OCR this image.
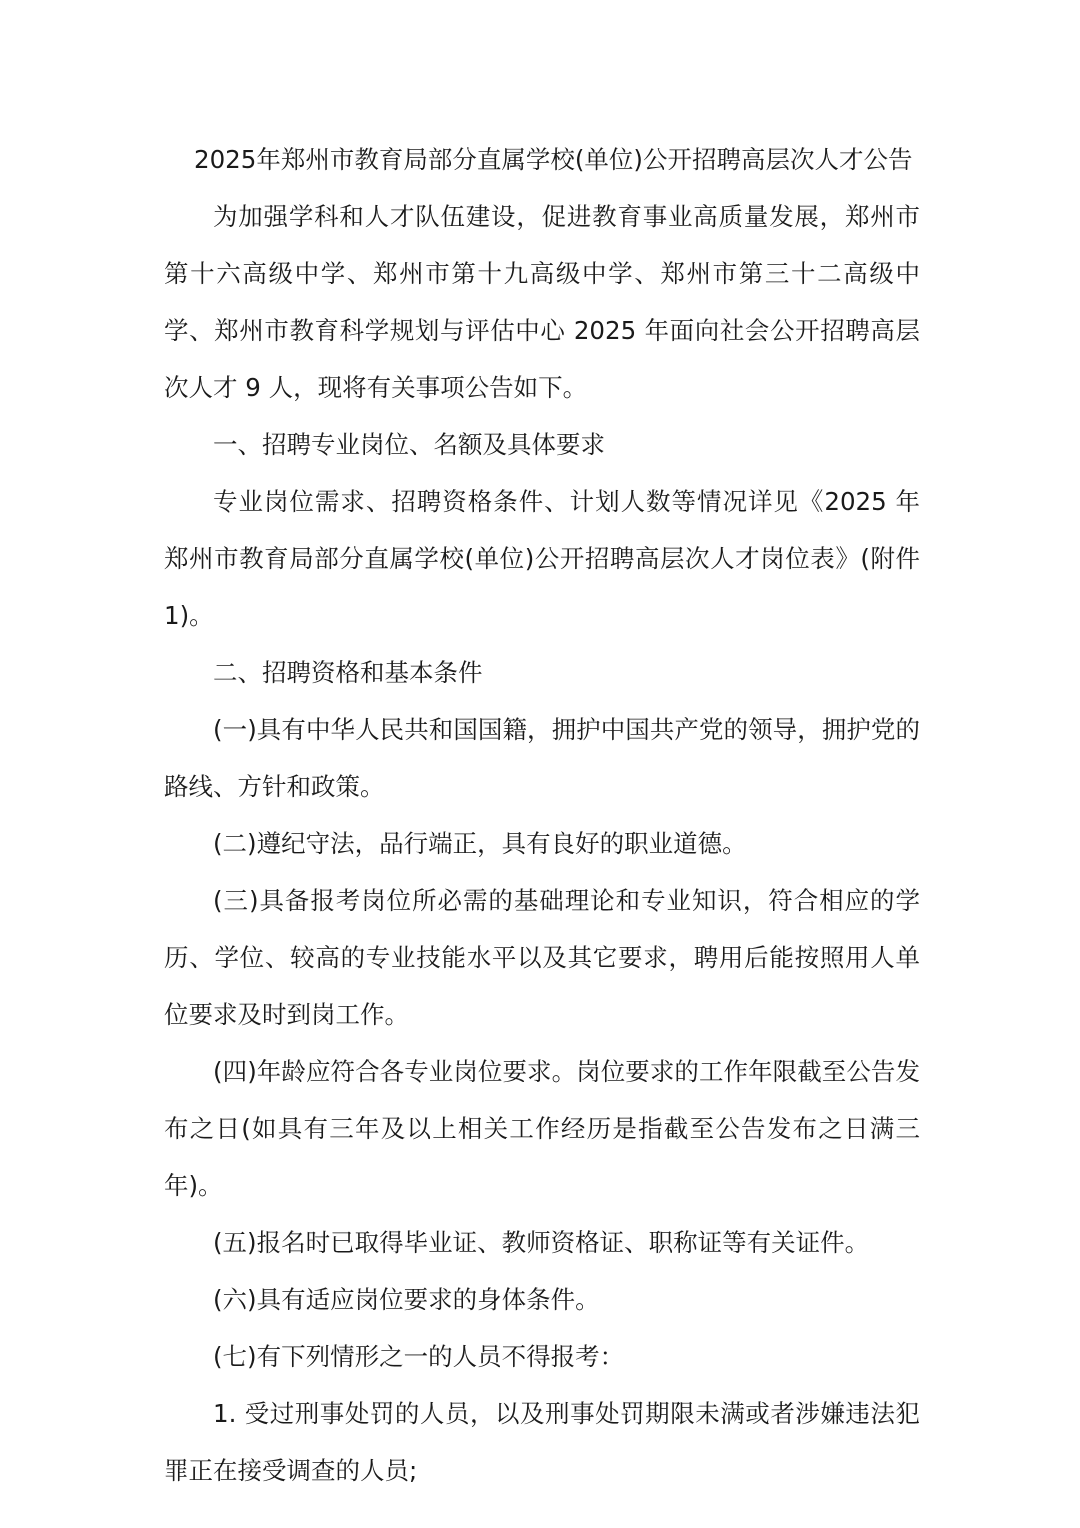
2025年郑州市教育局部分直属学校(单位)公开招聘高层次人才公告

为加强学科和人才队伍建设，促进教育事业高质量发展，郑州市第十六高级中学、郑州市第十九高级中学、郑州市第三十二高级中学、郑州市教育科学规划与评估中心 2025 年面向社会公开招聘高层次人才 9 人，现将有关事项公告如下。

一、招聘专业岗位、名额及具体要求

专业岗位需求、招聘资格条件、计划人数等情况详见《2025 年郑州市教育局部分直属学校(单位)公开招聘高层次人才岗位表》(附件 1)。

二、招聘资格和基本条件

(一)具有中华人民共和国国籍，拥护中国共产党的领导，拥护党的路线、方针和政策。

(二)遵纪守法，品行端正，具有良好的职业道德。

(三)具备报考岗位所必需的基础理论和专业知识，符合相应的学历、学位、较高的专业技能水平以及其它要求，聘用后能按照用人单位要求及时到岗工作。

(四)年龄应符合各专业岗位要求。岗位要求的工作年限截至公告发布之日(如具有三年及以上相关工作经历是指截至公告发布之日满三年)。

(五)报名时已取得毕业证、教师资格证、职称证等有关证件。

(六)具有适应岗位要求的身体条件。

(七)有下列情形之一的人员不得报考：

1. 受过刑事处罚的人员，以及刑事处罚期限未满或者涉嫌违法犯罪正在接受调查的人员;
